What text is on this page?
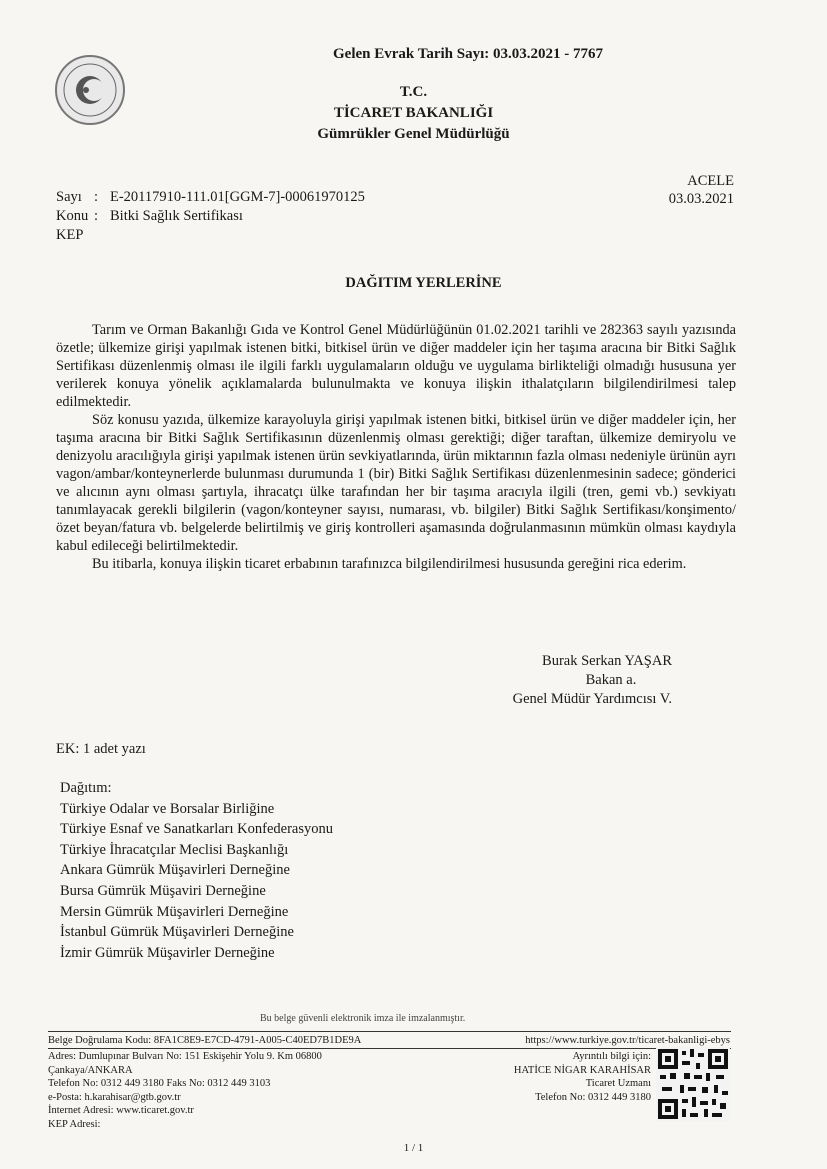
Gelen Evrak Tarih Sayı: 03.03.2021 - 7767
T.C.
TİCARET BAKANLIĞI
Gümrükler Genel Müdürlüğü
Sayı : E-20117910-111.01[GGM-7]-00061970125
Konu : Bitki Sağlık Sertifikası
KEP
ACELE
03.03.2021
DAĞITIM YERLERİNE

Tarım ve Orman Bakanlığı Gıda ve Kontrol Genel Müdürlüğünün 01.02.2021 tarihli ve 282363 sayılı yazısında özetle; ülkemize girişi yapılmak istenen bitki, bitkisel ürün ve diğer maddeler için her taşıma aracına bir Bitki Sağlık Sertifikası düzenlenmiş olması ile ilgili farklı uygulamaların olduğu ve uygulama birlikteliği olmadığı hususuna yer verilerek konuya yönelik açıklamalarda bulunulmakta ve konuya ilişkin ithalatçıların bilgilendirilmesi talep edilmektedir.

Söz konusu yazıda, ülkemize karayoluyla girişi yapılmak istenen bitki, bitkisel ürün ve diğer maddeler için, her taşıma aracına bir Bitki Sağlık Sertifikasının düzenlenmiş olması gerektiği; diğer taraftan, ülkemize demiryolu ve denizyolu aracılığıyla girişi yapılmak istenen ürün sevkiyatlarında, ürün miktarının fazla olması nedeniyle ürünün ayrı vagon/ambar/konteynerlerde bulunması durumunda 1 (bir) Bitki Sağlık Sertifikası düzenlenmesinin sadece; gönderici ve alıcının aynı olması şartıyla, ihracatçı ülke tarafından her bir taşıma aracıyla ilgili (tren, gemi vb.) sevkiyatı tanımlayacak gerekli bilgilerin (vagon/konteyner sayısı, numarası, vb. bilgiler) Bitki Sağlık Sertifikası/konşimento/özet beyan/fatura vb. belgelerde belirtilmiş ve giriş kontrolleri aşamasında doğrulanmasının mümkün olması kaydıyla kabul edileceği belirtilmektedir.

Bu itibarla, konuya ilişkin ticaret erbabının tarafınızca bilgilendirilmesi hususunda gereğini rica ederim.

Burak Serkan YAŞAR
Bakan a.
Genel Müdür Yardımcısı V.
EK: 1 adet yazı
Dağıtım:
Türkiye Odalar ve Borsalar Birliğine
Türkiye Esnaf ve Sanatkarları Konfederasyonu
Türkiye İhracatçılar Meclisi Başkanlığı
Ankara Gümrük Müşavirleri Derneğine
Bursa Gümrük Müşaviri Derneğine
Mersin Gümrük Müşavirleri Derneğine
İstanbul Gümrük Müşavirleri Derneğine
İzmir Gümrük Müşavirler Derneğine
Bu belge güvenli elektronik imza ile imzalanmıştır.
Belge Doğrulama Kodu: 8FA1C8E9-E7CD-4791-A005-C40ED7B1DE9A	https://www.turkiye.gov.tr/ticaret-bakanligi-ebys
Adres: Dumlupınar Bulvarı No: 151 Eskişehir Yolu 9. Km 06800
Çankaya/ANKARA
Telefon No: 0312 449 3180 Faks No: 0312 449 3103
e-Posta: h.karahisar@gtb.gov.tr
İnternet Adresi: www.ticaret.gov.tr
KEP Adresi:
Ayrıntılı bilgi için:
HATİCE NİGAR KARAHİSAR
Ticaret Uzmanı
Telefon No: 0312 449 3180
1 / 1
